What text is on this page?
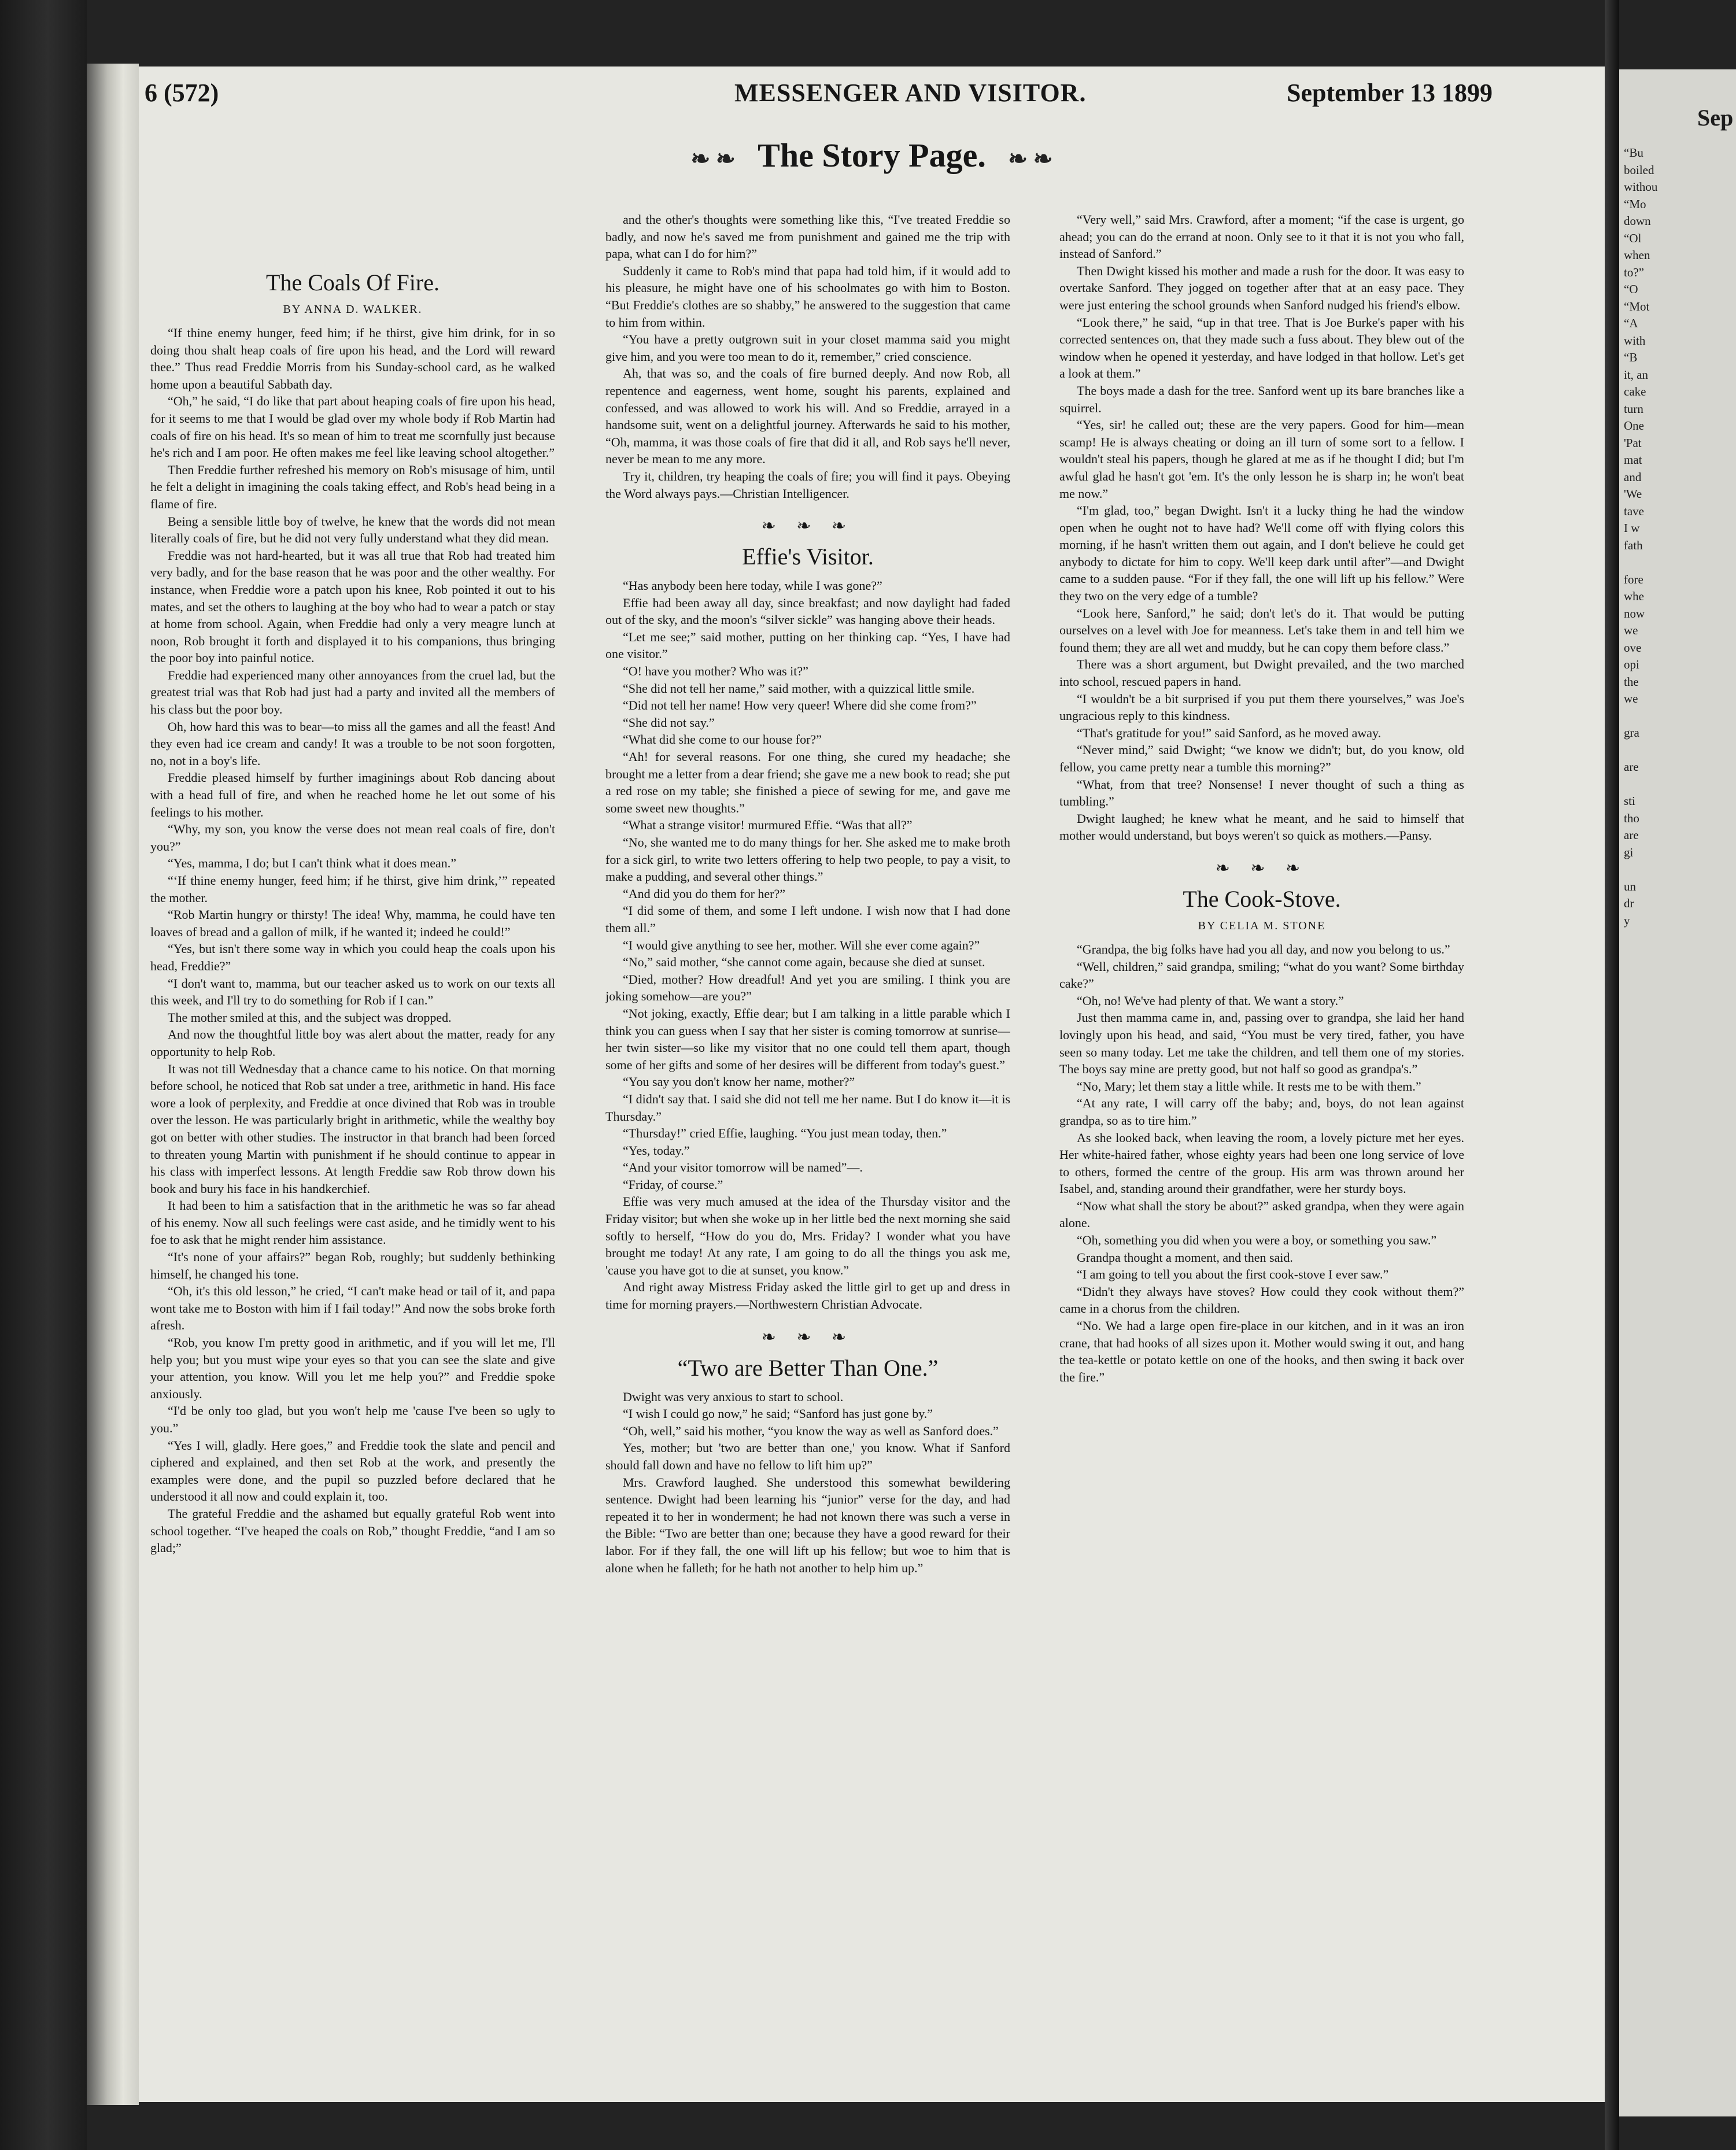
6 (572)	MESSENGER AND VISITOR.	September 13 1899
❧ ❧ The Story Page. ❧ ❧
The Coals Of Fire.
BY ANNA D. WALKER.

“If thine enemy hunger, feed him; if he thirst, give him drink, for in so doing thou shalt heap coals of fire upon his head, and the Lord will reward thee.” Thus read Freddie Morris from his Sunday-school card, as he walked home upon a beautiful Sabbath day.

“Oh,” he said, “I do like that part about heaping coals of fire upon his head, for it seems to me that I would be glad over my whole body if Rob Martin had coals of fire on his head. It's so mean of him to treat me scornfully just because he's rich and I am poor. He often makes me feel like leaving school altogether.”

Then Freddie further refreshed his memory on Rob's misusage of him, until he felt a delight in imagining the coals taking effect, and Rob's head being in a flame of fire.

Being a sensible little boy of twelve, he knew that the words did not mean literally coals of fire, but he did not very fully understand what they did mean.

Freddie was not hard-hearted, but it was all true that Rob had treated him very badly, and for the base reason that he was poor and the other wealthy. For instance, when Freddie wore a patch upon his knee, Rob pointed it out to his mates, and set the others to laughing at the boy who had to wear a patch or stay at home from school. Again, when Freddie had only a very meagre lunch at noon, Rob brought it forth and displayed it to his companions, thus bringing the poor boy into painful notice.

Freddie had experienced many other annoyances from the cruel lad, but the greatest trial was that Rob had just had a party and invited all the members of his class but the poor boy.

Oh, how hard this was to bear—to miss all the games and all the feast! And they even had ice cream and candy! It was a trouble to be not soon forgotten, no, not in a boy's life.

Freddie pleased himself by further imaginings about Rob dancing about with a head full of fire, and when he reached home he let out some of his feelings to his mother.

“Why, my son, you know the verse does not mean real coals of fire, don't you?”

“Yes, mamma, I do; but I can't think what it does mean.”

“‘If thine enemy hunger, feed him; if he thirst, give him drink,’” repeated the mother.

“Rob Martin hungry or thirsty! The idea! Why, mamma, he could have ten loaves of bread and a gallon of milk, if he wanted it; indeed he could!”

“Yes, but isn't there some way in which you could heap the coals upon his head, Freddie?”

“I don't want to, mamma, but our teacher asked us to work on our texts all this week, and I'll try to do something for Rob if I can.”

The mother smiled at this, and the subject was dropped.

And now the thoughtful little boy was alert about the matter, ready for any opportunity to help Rob.

It was not till Wednesday that a chance came to his notice. On that morning before school, he noticed that Rob sat under a tree, arithmetic in hand. His face wore a look of perplexity, and Freddie at once divined that Rob was in trouble over the lesson. He was particularly bright in arithmetic, while the wealthy boy got on better with other studies. The instructor in that branch had been forced to threaten young Martin with punishment if he should continue to appear in his class with imperfect lessons. At length Freddie saw Rob throw down his book and bury his face in his handkerchief.

It had been to him a satisfaction that in the arithmetic he was so far ahead of his enemy. Now all such feelings were cast aside, and he timidly went to his foe to ask that he might render him assistance.

“It's none of your affairs?” began Rob, roughly; but suddenly bethinking himself, he changed his tone.

“Oh, it's this old lesson,” he cried, “I can't make head or tail of it, and papa wont take me to Boston with him if I fail today!” And now the sobs broke forth afresh.

“Rob, you know I'm pretty good in arithmetic, and if you will let me, I'll help you; but you must wipe your eyes so that you can see the slate and give your attention, you know. Will you let me help you?” and Freddie spoke anxiously.

“I'd be only too glad, but you won't help me 'cause I've been so ugly to you.”

“Yes I will, gladly. Here goes,” and Freddie took the slate and pencil and ciphered and explained, and then set Rob at the work, and presently the examples were done, and the pupil so puzzled before declared that he understood it all now and could explain it, too.

The grateful Freddie and the ashamed but equally grateful Rob went into school together. “I've heaped the coals on Rob,” thought Freddie, “and I am so glad;”

and the other's thoughts were something like this, “I've treated Freddie so badly, and now he's saved me from punishment and gained me the trip with papa, what can I do for him?”

Suddenly it came to Rob's mind that papa had told him, if it would add to his pleasure, he might have one of his schoolmates go with him to Boston. “But Freddie's clothes are so shabby,” he answered to the suggestion that came to him from within.

“You have a pretty outgrown suit in your closet mamma said you might give him, and you were too mean to do it, remember,” cried conscience.

Ah, that was so, and the coals of fire burned deeply. And now Rob, all repentence and eagerness, went home, sought his parents, explained and confessed, and was allowed to work his will. And so Freddie, arrayed in a handsome suit, went on a delightful journey. Afterwards he said to his mother, “Oh, mamma, it was those coals of fire that did it all, and Rob says he'll never, never be mean to me any more.

Try it, children, try heaping the coals of fire; you will find it pays. Obeying the Word always pays.—Christian Intelligencer.

❧ ❧ ❧
Effie's Visitor.

“Has anybody been here today, while I was gone?”

Effie had been away all day, since breakfast; and now daylight had faded out of the sky, and the moon's “silver sickle” was hanging above their heads.

“Let me see;” said mother, putting on her thinking cap. “Yes, I have had one visitor.”

“O! have you mother? Who was it?”

“She did not tell her name,” said mother, with a quizzical little smile.

“Did not tell her name! How very queer! Where did she come from?”

“She did not say.”

“What did she come to our house for?”

“Ah! for several reasons. For one thing, she cured my headache; she brought me a letter from a dear friend; she gave me a new book to read; she put a red rose on my table; she finished a piece of sewing for me, and gave me some sweet new thoughts.”

“What a strange visitor! murmured Effie. “Was that all?”

“No, she wanted me to do many things for her. She asked me to make broth for a sick girl, to write two letters offering to help two people, to pay a visit, to make a pudding, and several other things.”

“And did you do them for her?”

“I did some of them, and some I left undone. I wish now that I had done them all.”

“I would give anything to see her, mother. Will she ever come again?”

“No,” said mother, “she cannot come again, because she died at sunset.

“Died, mother? How dreadful! And yet you are smiling. I think you are joking somehow—are you?”

“Not joking, exactly, Effie dear; but I am talking in a little parable which I think you can guess when I say that her sister is coming tomorrow at sunrise—her twin sister—so like my visitor that no one could tell them apart, though some of her gifts and some of her desires will be different from today's guest.”

“You say you don't know her name, mother?”

“I didn't say that. I said she did not tell me her name. But I do know it—it is Thursday.”

“Thursday!” cried Effie, laughing. “You just mean today, then.”

“Yes, today.”

“And your visitor tomorrow will be named”—.

“Friday, of course.”

Effie was very much amused at the idea of the Thursday visitor and the Friday visitor; but when she woke up in her little bed the next morning she said softly to herself, “How do you do, Mrs. Friday? I wonder what you have brought me today! At any rate, I am going to do all the things you ask me, 'cause you have got to die at sunset, you know.”

And right away Mistress Friday asked the little girl to get up and dress in time for morning prayers.—Northwestern Christian Advocate.

❧ ❧ ❧
“Two are Better Than One.”

Dwight was very anxious to start to school.

“I wish I could go now,” he said; “Sanford has just gone by.”

“Oh, well,” said his mother, “you know the way as well as Sanford does.”

Yes, mother; but 'two are better than one,' you know. What if Sanford should fall down and have no fellow to lift him up?”

Mrs. Crawford laughed. She understood this somewhat bewildering sentence. Dwight had been learning his “junior” verse for the day, and had repeated it to her in wonderment; he had not known there was such a verse in the Bible: “Two are better than one; because they have a good reward for their labor. For if they fall, the one will lift up his fellow; but woe to him that is alone when he falleth; for he hath not another to help him up.”

“Very well,” said Mrs. Crawford, after a moment; “if the case is urgent, go ahead; you can do the errand at noon. Only see to it that it is not you who fall, instead of Sanford.”

Then Dwight kissed his mother and made a rush for the door. It was easy to overtake Sanford. They jogged on together after that at an easy pace. They were just entering the school grounds when Sanford nudged his friend's elbow.

“Look there,” he said, “up in that tree. That is Joe Burke's paper with his corrected sentences on, that they made such a fuss about. They blew out of the window when he opened it yesterday, and have lodged in that hollow. Let's get a look at them.”

The boys made a dash for the tree. Sanford went up its bare branches like a squirrel.

“Yes, sir! he called out; these are the very papers. Good for him—mean scamp! He is always cheating or doing an ill turn of some sort to a fellow. I wouldn't steal his papers, though he glared at me as if he thought I did; but I'm awful glad he hasn't got 'em. It's the only lesson he is sharp in; he won't beat me now.”

“I'm glad, too,” began Dwight. Isn't it a lucky thing he had the window open when he ought not to have had? We'll come off with flying colors this morning, if he hasn't written them out again, and I don't believe he could get anybody to dictate for him to copy. We'll keep dark until after”—and Dwight came to a sudden pause. “For if they fall, the one will lift up his fellow.” Were they two on the very edge of a tumble?

“Look here, Sanford,” he said; don't let's do it. That would be putting ourselves on a level with Joe for meanness. Let's take them in and tell him we found them; they are all wet and muddy, but he can copy them before class.”

There was a short argument, but Dwight prevailed, and the two marched into school, rescued papers in hand.

“I wouldn't be a bit surprised if you put them there yourselves,” was Joe's ungracious reply to this kindness.

“That's gratitude for you!” said Sanford, as he moved away.

“Never mind,” said Dwight; “we know we didn't; but, do you know, old fellow, you came pretty near a tumble this morning?”

“What, from that tree? Nonsense! I never thought of such a thing as tumbling.”

Dwight laughed; he knew what he meant, and he said to himself that mother would understand, but boys weren't so quick as mothers.—Pansy.

❧ ❧ ❧
The Cook-Stove.
BY CELIA M. STONE

“Grandpa, the big folks have had you all day, and now you belong to us.”

“Well, children,” said grandpa, smiling; “what do you want? Some birthday cake?”

“Oh, no! We've had plenty of that. We want a story.”

Just then mamma came in, and, passing over to grandpa, she laid her hand lovingly upon his head, and said, “You must be very tired, father, you have seen so many today. Let me take the children, and tell them one of my stories. The boys say mine are pretty good, but not half so good as grandpa's.”

“No, Mary; let them stay a little while. It rests me to be with them.”

“At any rate, I will carry off the baby; and, boys, do not lean against grandpa, so as to tire him.”

As she looked back, when leaving the room, a lovely picture met her eyes. Her white-haired father, whose eighty years had been one long service of love to others, formed the centre of the group. His arm was thrown around her Isabel, and, standing around their grandfather, were her sturdy boys.

“Now what shall the story be about?” asked grandpa, when they were again alone.

“Oh, something you did when you were a boy, or something you saw.”

Grandpa thought a moment, and then said.

“I am going to tell you about the first cook-stove I ever saw.”

“Didn't they always have stoves? How could they cook without them?” came in a chorus from the children.

“No. We had a large open fire-place in our kitchen, and in it was an iron crane, that had hooks of all sizes upon it. Mother would swing it out, and hang the tea-kettle or potato kettle on one of the hooks, and then swing it back over the fire.”

Sep
“Bu
boiled
withou
“Mo
down
“Ol
when
to?”
“O
“Mot
“A
with
“B
it, an
cake
turn
One
'Pat
mat
and
'We
tave
I w
fath

fore
whe
now
we
ove
opi
the
we

gra

are

sti
tho
are
gi

un
dr
y
